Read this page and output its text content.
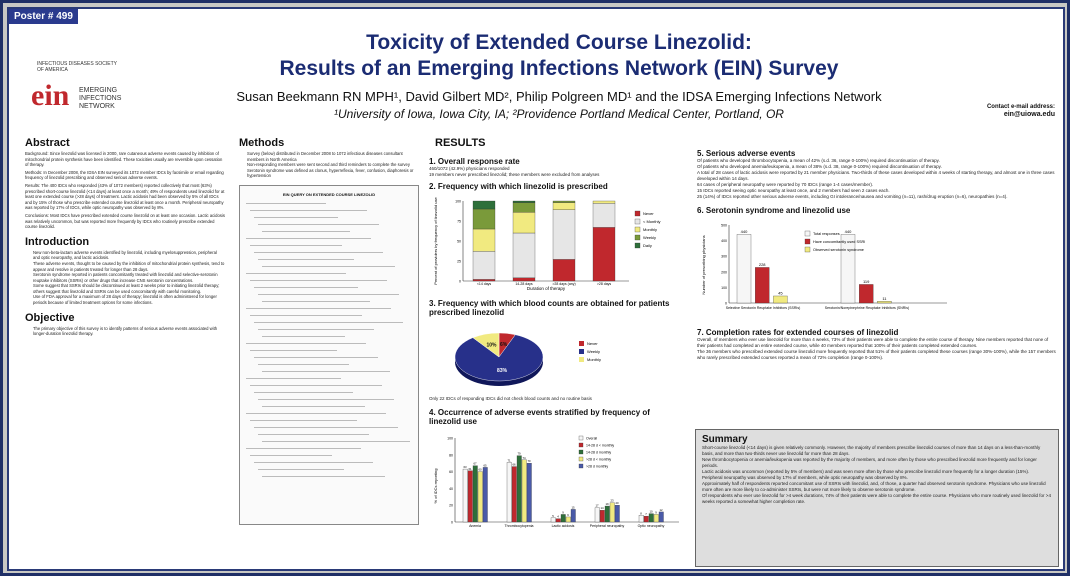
Poster # 499
INFECTIOUS DISEASES SOCIETY
OF AMERICA
ein EMERGING
INFECTIONS
NETWORK
Toxicity of Extended Course Linezolid:
Results of an Emerging Infections Network (EIN) Survey
Susan Beekmann RN MPH¹, David Gilbert MD², Philip Polgreen MD¹ and the IDSA Emerging Infections Network
¹University of Iowa, Iowa City, IA; ²Providence Portland Medical Center, Portland, OR	Contact e-mail address:
ein@uiowa.edu
Abstract
Background: Since linezolid was licensed in 2000, rare cutaneous adverse events caused by inhibition of mitochondrial protein synthesis have been identified. These toxicities usually are reversible upon cessation of therapy.
Methods: In December 2008, the IDSA EIN surveyed its 1072 member IDCs by facsimile or email regarding frequency of linezolid prescribing and observed serious adverse events.
Results: The 400 IDCs who responded (43% of 1072 members) reported collectively that most (63%) prescribed short-course linezolid (<14 days) at least once a month; 49% of respondents used linezolid for at least one extended course (>28 days) of treatment. Lactic acidosis had been observed by 5% of all IDCs and by 15% of those who prescribe extended course linezolid at least once a month. Peripheral neuropathy was reported by 17% of IDCs, while optic neuropathy was observed by 8%.
Conclusions: Most IDCs have prescribed extended course linezolid on at least one occasion. Lactic acidosis was relatively uncommon, but was reported more frequently by IDCs who routinely prescribe extended course linezolid.
Introduction
• New non-beta-lactam adverse events identified by linezolid, including myelosuppression, peripheral and optic neuropathy, and lactic acidosis.
• These adverse events, thought to be caused by the inhibition of mitochondrial protein synthesis, tend to appear and resolve in patients treated for longer than 28 days.
• Serotonin syndrome reported in patients concomitantly treated with linezolid and selective-serotonin reuptake inhibitors (SSRIs) or other drugs that increase CNS serotonin concentrations.
• Some suggest that SSRIs should be discontinued at least 2 weeks prior to initiating linezolid therapy; others suggest that linezolid and SSRIs can be used concomitantly with careful monitoring.
• Use of FDA approval for a maximum of 28 days of therapy; linezolid is often administered for longer periods because of limited treatment options for some infections.
Objective
• The primary objective of this survey is to identify patterns of serious adverse events associated with longer-duration linezolid therapy.
Methods
• Survey (below) distributed in December 2008 to 1072 infectious diseases consultant members in North America
• Non-responding members were sent second and third reminders to complete the survey
• Serotonin syndrome was defined as clonus, hyperreflexia, fever, confusion, diaphoresis or hypertension
EIN QUERY ON EXTENDED COURSE LINEZOLID
RESULTS
1. Overall response rate
• 460/1072 (42.9%) physicians responded
• 19 members never prescribed linezolid; these members were excluded from analyses
2. Frequency with which linezolid is prescribed
Percent of providers by frequency of linezolid use
Duration of therapy
0
25
50
75
100
<14 days	14-28 days	>28 days (any)	>28 days
Never
< Monthly
Monthly
Weekly
Daily
3. Frequency with which blood counts are obtained for patients prescribed linezolid
6%
83%
10%	Never
Weekly
Monthly
Only 22 IDCs of responding IDCs did not check blood counts and no routine basis
4. Occurrence of adverse events stratified by frequency of linezolid use
% of IDCs reporting
0
20
40
60
80
100
63 61
67
60
65
Anemia
71
66
79
74
70
Thrombocytopenia
5 4
9
6
15
Lactic acidosis
17
14
19
23
20
Peripheral neuropathy
8 7
10 9
12
Optic neuropathy
Overall
14-28 d < monthly
14-28 d monthly
>28 d < monthly
>28 d monthly
5. Serious adverse events
• Of patients who developed thrombocytopenia, a mean of 42% (s.d. 36, range 0-100%) required discontinuation of therapy.
• Of patients who developed anemia/leukopenia, a mean of 38% (s.d. 38, range 0-100%) required discontinuation of therapy.
• A total of 28 cases of lactic acidosis were reported by 21 member physicians. Two-thirds of these cases developed within 4 weeks of starting therapy, and almost one in three cases developed within 14 days.
• 64 cases of peripheral neuropathy were reported by 70 IDCs (range 1-4 cases/member).
• 15 IDCs reported seeing optic neuropathy at least once, and 2 members had seen 2 cases each.
• 25 (14%) of IDCs reported other serious adverse events, including GI intolerance/nausea and vomiting (n=11), rash/drug eruption (n=6), neuropathies (n=4).
6. Serotonin syndrome and linezolid use
Number of prescribing physicians
0
100
200
300
400
500
440
228
45
Selective Serotonin Reuptake Inhibitors (SSRIs)
440
119
11
Serotonin/Norepinephrine Reuptake Inhibitors (SNRIs)
Total responses
Have concomitantly used SSRI
Observed serotonin syndrome
7. Completion rates for extended courses of linezolid
• Overall, of members who ever use linezolid for more than 4 weeks, 73% of their patients were able to complete the entire course of therapy. Nine members reported that none of their patients had completed an entire extended course, while 40 members reported that 100% of their patients completed extended courses.
• The 36 members who prescribed extended course linezolid more frequently reported that 51% of their patients completed these courses (range 30%-100%), while the 157 members who rarely prescribed extended courses reported a mean of 72% completion (range 0-100%).
Summary
• Short-course linezolid (<14 days) is given relatively commonly. However, the majority of members prescribe linezolid courses of more than 14 days on a less-than-monthly basis, and more than two-thirds never use linezolid for more than 28 days.
• New thrombocytopenia or anemia/leukopenia was reported by the majority of members, and more often by those who prescribed linezolid more frequently and for longer periods.
• Lactic acidosis was uncommon (reported by 5% of members) and was seen more often by those who prescribe linezolid more frequently for a longer duration (15%).
• Peripheral neuropathy was observed by 17% of members, while optic neuropathy was observed by 8%.
• Approximately half of respondents reported concomitant use of SSRIs with linezolid, and, of those, a quarter had observed serotonin syndrome. Physicians who use linezolid more often are more likely to co-administer SSRIs, but were not more likely to observe serotonin syndrome.
• Of respondents who ever use linezolid for >4 week durations, 74% of their patients were able to complete the entire course. Physicians who more routinely used linezolid for >4 weeks reported a somewhat higher completion rate.
